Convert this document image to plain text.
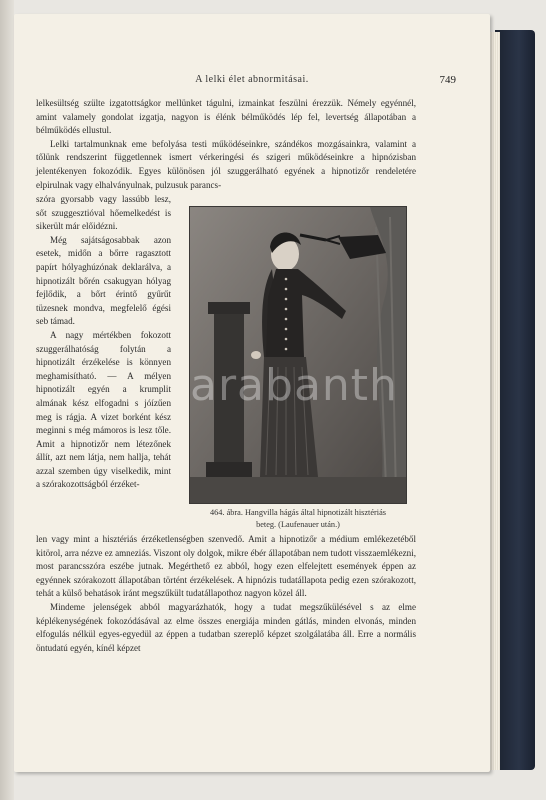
A lelki élet abnormitásai.	749

lelkesültség szülte izgatottságkor mellünket tágulni, izmainkat feszülni érezzük. Némely egyénnél, amint valamely gondolat izgatja, nagyon is élénk bélműködés lép fel, levertség állapotában a bélműködés ellustul.

Lelki tartalmunknak eme befolyása testi működéseinkre, szándékos mozgásainkra, valamint a tőlünk rendszerint függetlennek ismert vérkeringési és szigeri működéseinkre a hipnózisban jelentékenyen fokozódik. Egyes különösen jól szuggerálható egyének a hipnotizőr rendeletére elpirulnak vagy elhalványulnak, pulzusuk parancs-

szóra gyorsabb vagy lassúbb lesz, sőt szuggesztióval hőemelkedést is sikerült már előidézni.

Még sajátságosabbak azon esetek, midőn a bőrre ragasztott papírt hólyaghúzónak deklarálva, a hipnotizált bőrén csakugyan hólyag fejlődik, a bőrt érintő gyűrűt tüzesnek mondva, megfelelő égési seb támad.

A nagy mértékben fokozott szuggerálhatóság folytán a hipnotizált érzékelése is könnyen meghamisítható. — A mélyen hipnotizált egyén a krumplit almának kész elfogadni s jóízűen meg is rágja. A vizet borként kész meginni s még mámoros is lesz tőle. Amit a hipnotizőr nem létezőnek állít, azt nem látja, nem hallja, tehát azzal szemben úgy viselkedik, mint a szórakozottságból érzéket-

464. ábra. Hangvilla hágás által hipnotizált hisztériás

beteg. (Laufenauer után.)

len vagy mint a hisztériás érzéketlenségben szenvedő. Amit a hipnotizőr a médium emlékezetéből kitörol, arra nézve ez amneziás. Viszont oly dolgok, mikre ébér állapotában nem tudott visszaemlékezni, most parancsszóra eszébe jutnak. Megérthető ez abból, hogy ezen elfelejtett események éppen az egyénnek szórakozott állapotában történt érzékelések. A hipnózis tudatállapota pedig ezen szórakozott, tehát a külső behatások iránt megszűkült tudatállapothoz nagyon közel áll.

Mindeme jelenségek abból magyarázhatók, hogy a tudat megszűkülésével s az elme képlékenységének fokozódásával az elme összes energiája minden gátlás, minden elvonás, minden elfogulás nélkül egyes-egyedül az éppen a tudatban szereplő képzet szolgálatába áll. Erre a normális öntudatú egyén, kínél képzet

arabanth
